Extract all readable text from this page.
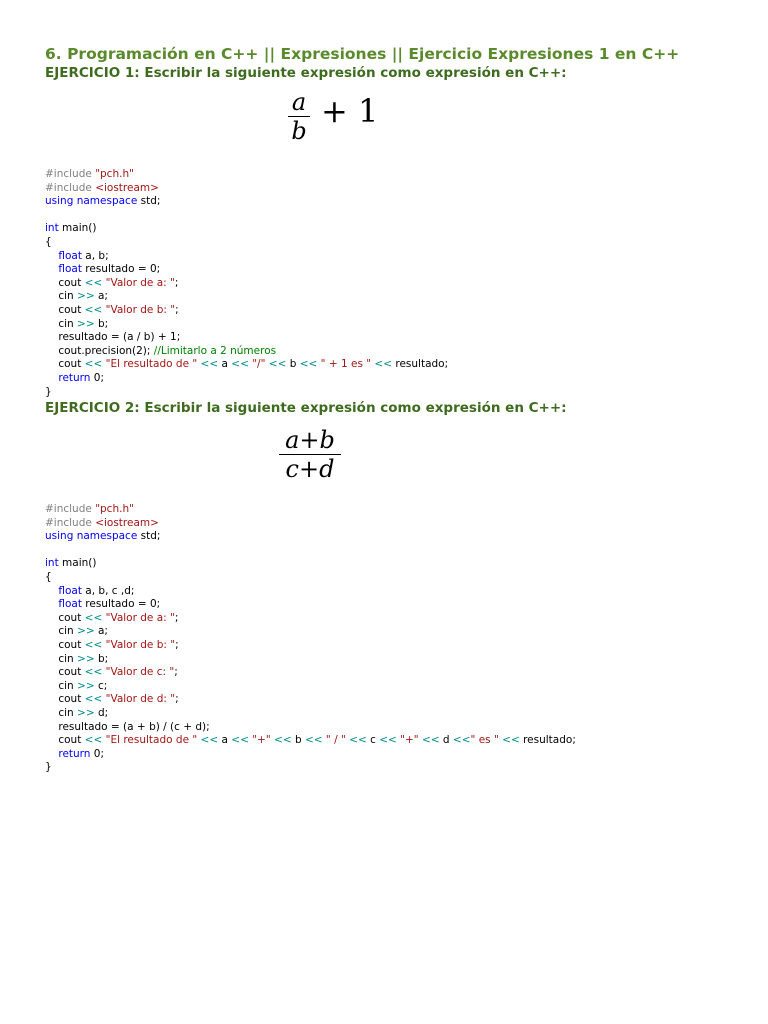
6. Programación en C++ || Expresiones || Ejercicio Expresiones 1 en C++
EJERCICIO 1: Escribir la siguiente expresión como expresión en C++:
a
b
+ 1
#include "pch.h"
#include <iostream>
using namespace std;

int main()
{
float a, b;
float resultado = 0;
cout << "Valor de a: ";
cin >> a;
cout << "Valor de b: ";
cin >> b;
resultado = (a / b) + 1;
cout.precision(2); //Limitarlo a 2 números
cout << "El resultado de " << a << "/" << b << " + 1 es " << resultado;
return 0;
}
EJERCICIO 2: Escribir la siguiente expresión como expresión en C++:
a+b
c+d
#include "pch.h"
#include <iostream>
using namespace std;

int main()
{
float a, b, c ,d;
float resultado = 0;
cout << "Valor de a: ";
cin >> a;
cout << "Valor de b: ";
cin >> b;
cout << "Valor de c: ";
cin >> c;
cout << "Valor de d: ";
cin >> d;
resultado = (a + b) / (c + d);
cout << "El resultado de " << a << "+" << b << " / " << c << "+" << d <<" es " << resultado;
return 0;
}
